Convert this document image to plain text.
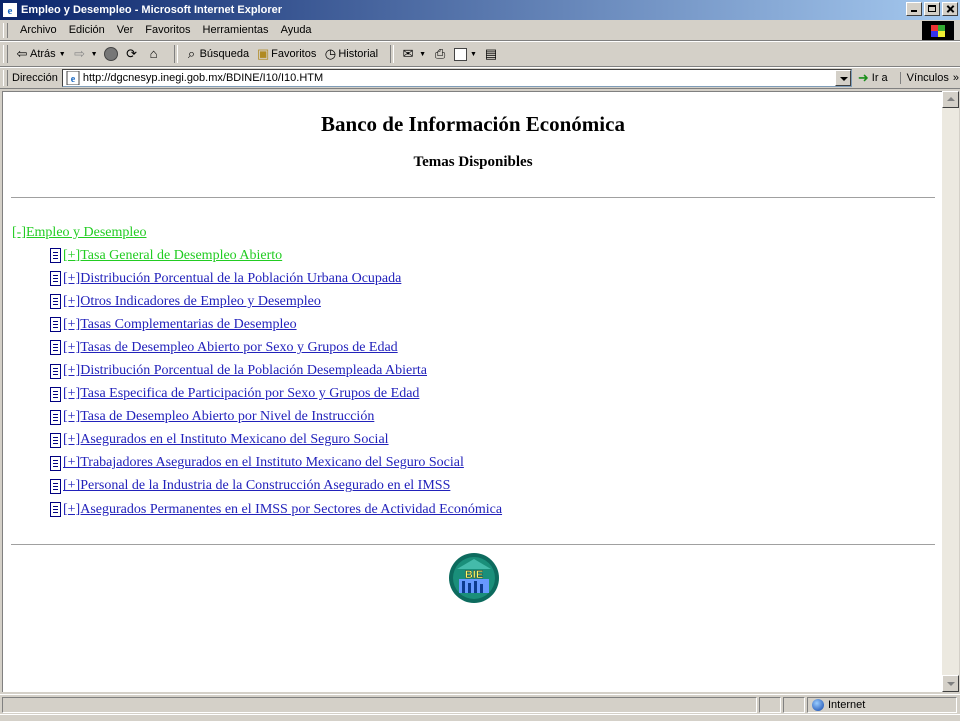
e Empleo y Desempleo - Microsoft Internet Explorer
Archivo	Edición	Ver	Favoritos	Herramientas	Ayuda
⇦ Atrás ▼ ⇨ ▼ ⟳ ⌂	⌕ Búsqueda ▣ Favoritos ◷ Historial ✉ ▼ ⎙	▼ ▤
Dirección e
http://dgcnesyp.inegi.gob.mx/BDINE/I10/I10.HTM	➜ Ir a Vínculos »
Banco de Información Económica
Temas Disponibles
[-]Empleo y Desempleo
[+]Tasa General de Desempleo Abierto
[+]Distribución Porcentual de la Población Urbana Ocupada
[+]Otros Indicadores de Empleo y Desempleo
[+]Tasas Complementarias de Desempleo
[+]Tasas de Desempleo Abierto por Sexo y Grupos de Edad
[+]Distribución Porcentual de la Población Desempleada Abierta
[+]Tasa Especifica de Participación por Sexo y Grupos de Edad
[+]Tasa de Desempleo Abierto por Nivel de Instrucción
[+]Asegurados en el Instituto Mexicano del Seguro Social
[+]Trabajadores Asegurados en el Instituto Mexicano del Seguro Social
[+]Personal de la Industria de la Construcción Asegurado en el IMSS
[+]Asegurados Permanentes en el IMSS por Sectores de Actividad Económica
BIE
Internet
